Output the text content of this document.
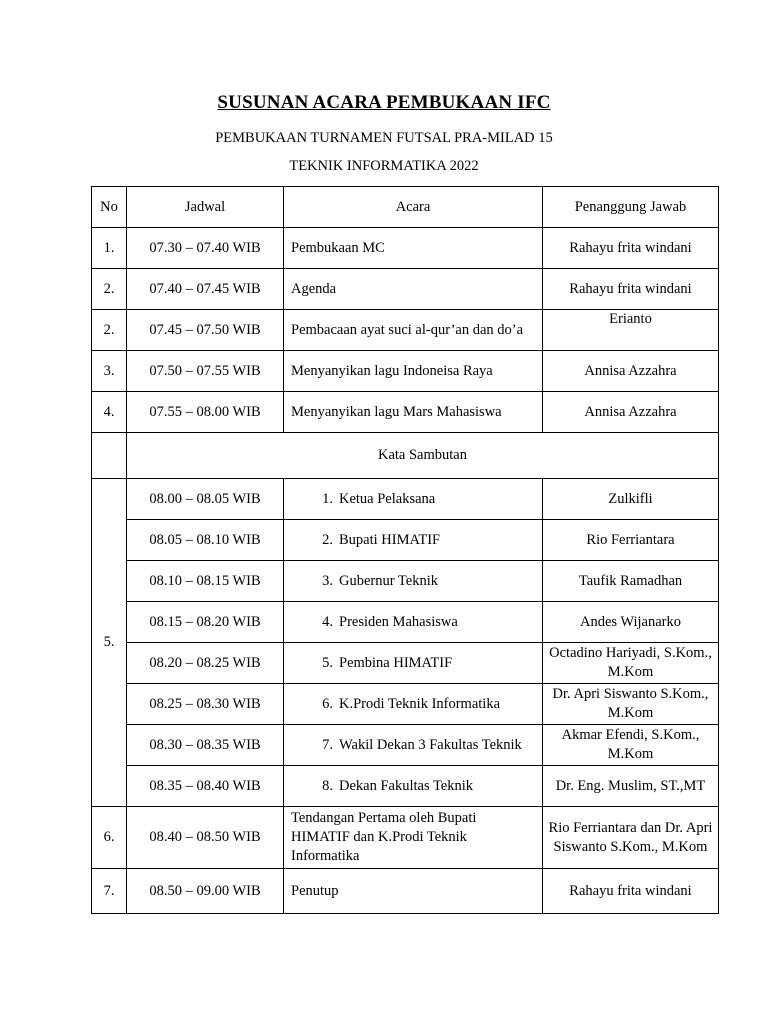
SUSUNAN ACARA PEMBUKAAN IFC
PEMBUKAAN TURNAMEN FUTSAL PRA-MILAD 15
TEKNIK INFORMATIKA 2022
No	Jadwal	Acara	Penanggung Jawab
1.	07.30 – 07.40 WIB	Pembukaan MC	Rahayu frita windani
2.	07.40 – 07.45 WIB	Agenda	Rahayu frita windani
2.	07.45 – 07.50 WIB	Pembacaan ayat suci al-qur’an dan do’a	Erianto
3.	07.50 – 07.55 WIB	Menyanyikan lagu Indoneisa Raya	Annisa Azzahra
4.	07.55 – 08.00 WIB	Menyanyikan lagu Mars Mahasiswa	Annisa Azzahra
	Kata Sambutan		
5.	08.00 – 08.05 WIB	1. Ketua Pelaksana	Zulkifli
	08.05 – 08.10 WIB	2. Bupati HIMATIF	Rio Ferriantara
	08.10 – 08.15 WIB	3. Gubernur Teknik	Taufik Ramadhan
	08.15 – 08.20 WIB	4. Presiden Mahasiswa	Andes Wijanarko
	08.20 – 08.25 WIB	5. Pembina HIMATIF	Octadino Hariyadi, S.Kom., M.Kom
	08.25 – 08.30 WIB	6. K.Prodi Teknik Informatika	Dr. Apri Siswanto S.Kom., M.Kom
	08.30 – 08.35 WIB	7. Wakil Dekan 3 Fakultas Teknik	Akmar Efendi, S.Kom., M.Kom
	08.35 – 08.40 WIB	8. Dekan Fakultas Teknik	Dr. Eng. Muslim, ST.,MT
6.	08.40 – 08.50 WIB	Tendangan Pertama oleh Bupati HIMATIF dan K.Prodi Teknik Informatika	Rio Ferriantara dan Dr. Apri Siswanto S.Kom., M.Kom
7.	08.50 – 09.00 WIB	Penutup	Rahayu frita windani
